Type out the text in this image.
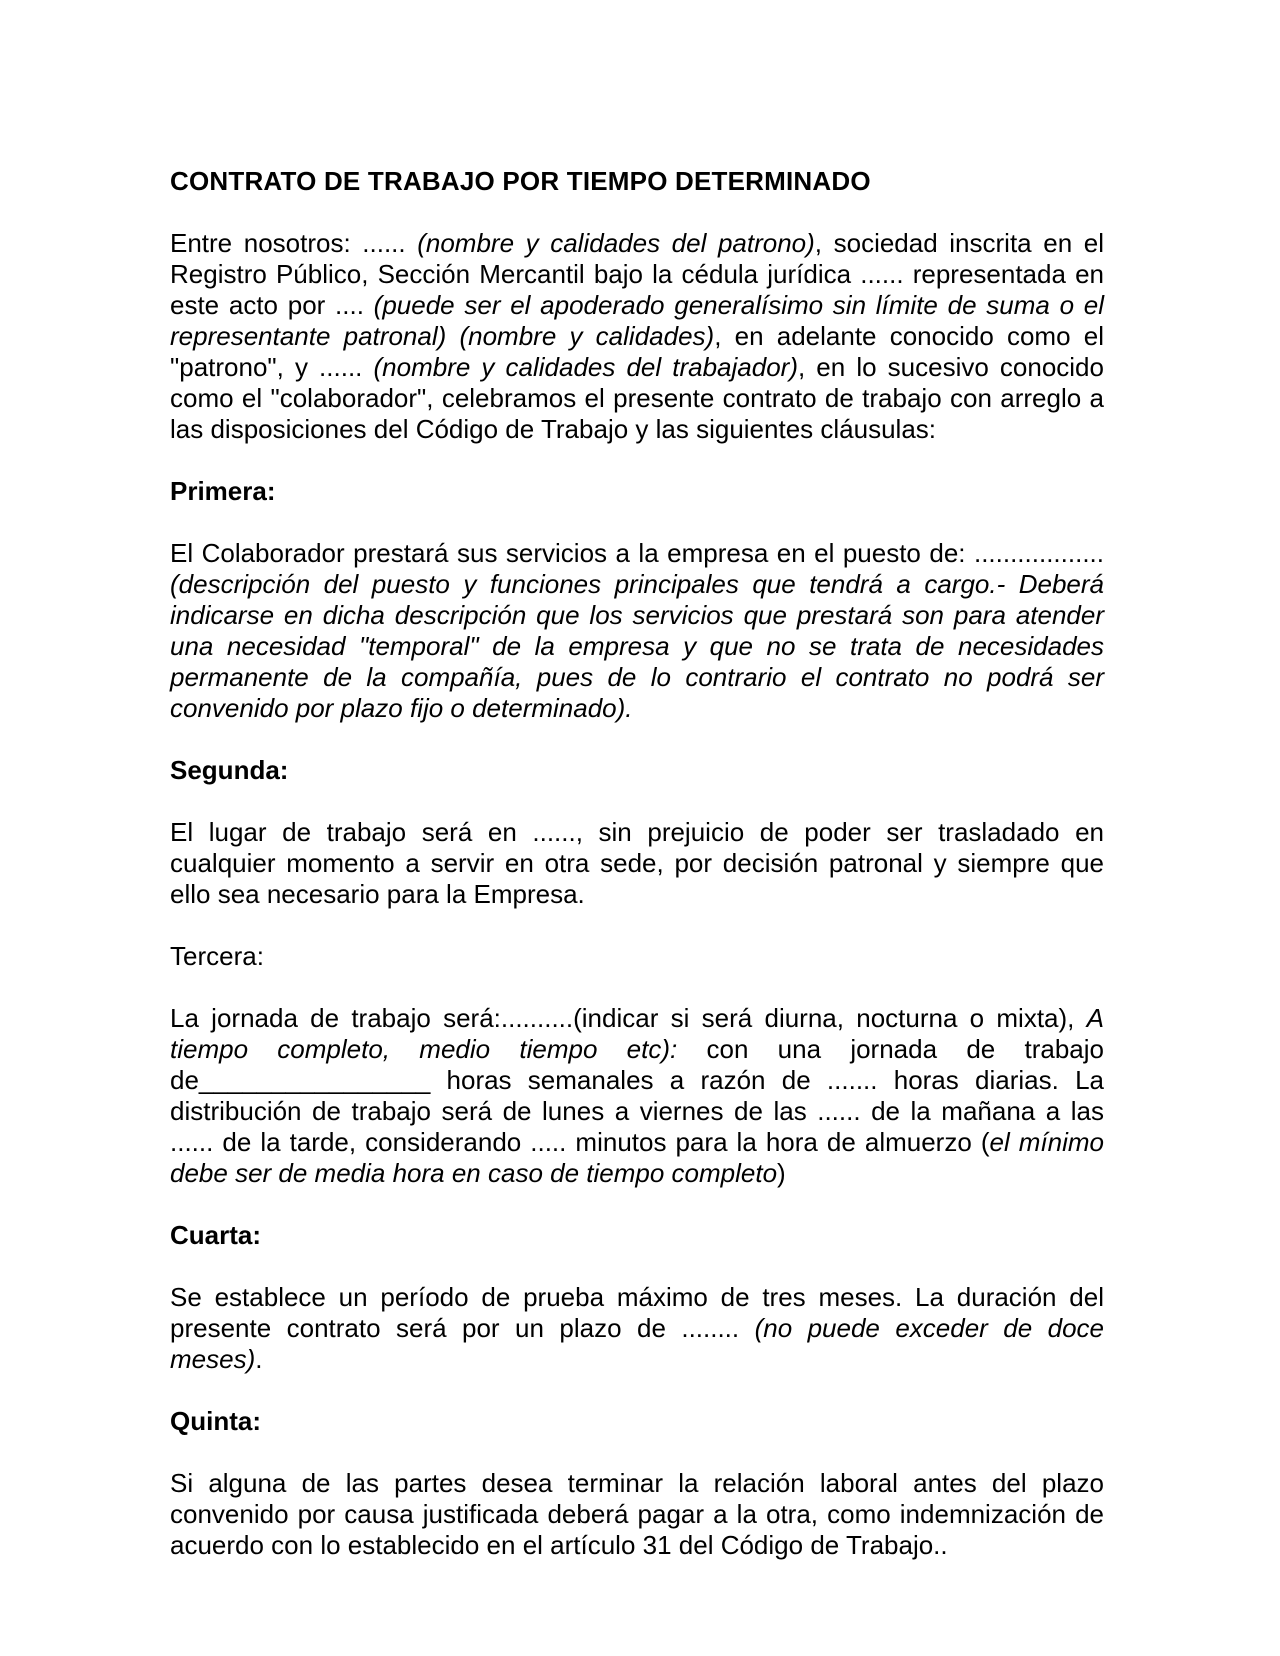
CONTRATO DE TRABAJO POR TIEMPO DETERMINADO

Entre nosotros: ...... (nombre y calidades del patrono), sociedad inscrita en el Registro Público, Sección Mercantil bajo la cédula jurídica ...... representada en este acto por .... (puede ser el apoderado generalísimo sin límite de suma o el representante patronal) (nombre y calidades), en adelante conocido como el "patrono", y ...... (nombre y calidades del trabajador), en lo sucesivo conocido como el "colaborador", celebramos el presente contrato de trabajo con arreglo a las disposiciones del Código de Trabajo y las siguientes cláusulas:

Primera:

El Colaborador prestará sus servicios a la empresa en el puesto de: .................. (descripción del puesto y funciones principales que tendrá a cargo.- Deberá indicarse en dicha descripción que los servicios que prestará son para atender una necesidad "temporal" de la empresa y que no se trata de necesidades permanente de la compañía, pues de lo contrario el contrato no podrá ser convenido por plazo fijo o determinado).

Segunda:

El lugar de trabajo será en ......, sin prejuicio de poder ser trasladado en cualquier momento a servir en otra sede, por decisión patronal y siempre que ello sea necesario para la Empresa.

Tercera:

La jornada de trabajo será:..........(indicar si será diurna, nocturna o mixta), A tiempo completo, medio tiempo etc): con una jornada de trabajo de________________ horas semanales a razón de ....... horas diarias. La distribución de trabajo será de lunes a viernes de las ...... de la mañana a las ...... de la tarde, considerando ..... minutos para la hora de almuerzo (el mínimo debe ser de media hora en caso de tiempo completo)

Cuarta:

Se establece un período de prueba máximo de tres meses. La duración del presente contrato será por un plazo de ........ (no puede exceder de doce meses).

Quinta:

Si alguna de las partes desea terminar la relación laboral antes del plazo convenido por causa justificada deberá pagar a la otra, como indemnización de acuerdo con lo establecido en el artículo 31 del Código de Trabajo..
